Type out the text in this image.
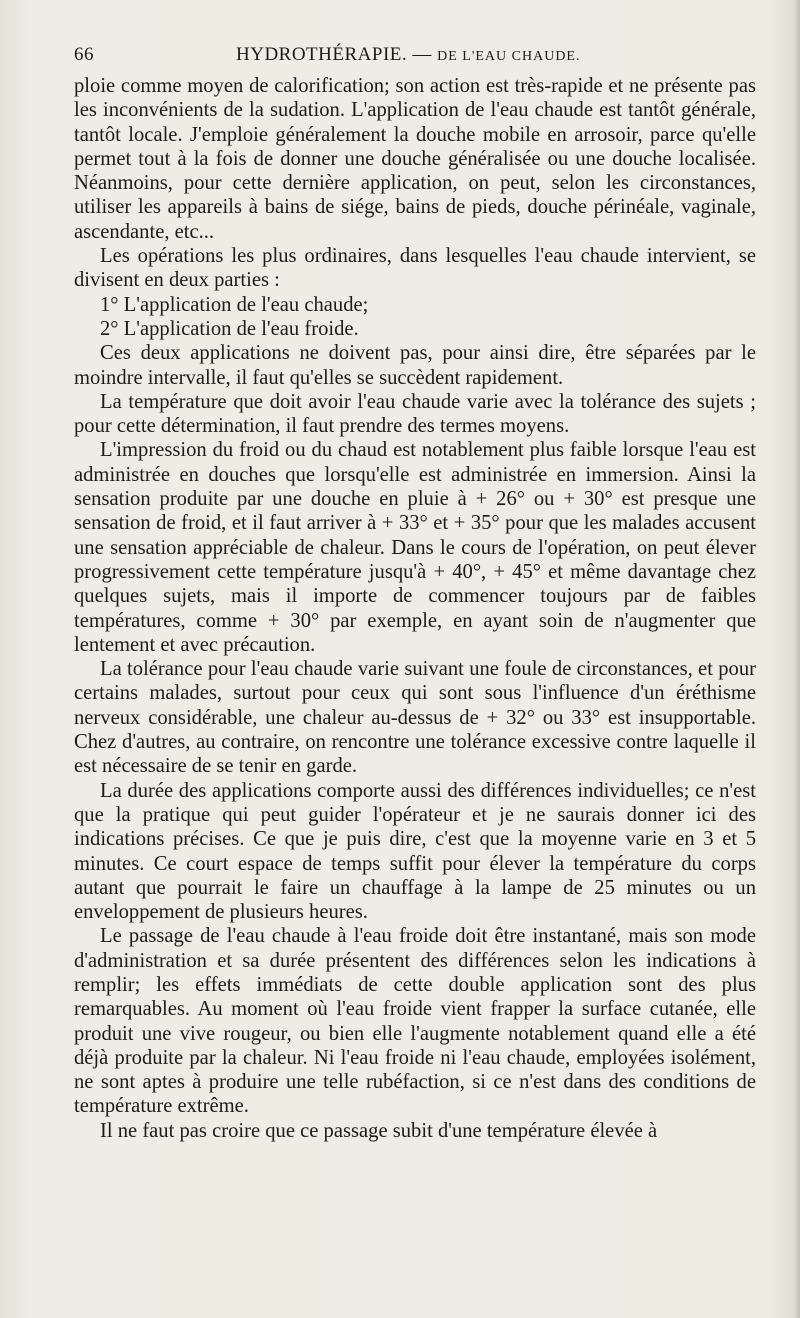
66	HYDROTHÉRAPIE. — DE L'EAU CHAUDE.

ploie comme moyen de calorification; son action est très-rapide et ne présente pas les inconvénients de la sudation. L'application de l'eau chaude est tantôt générale, tantôt locale. J'emploie généralement la douche mobile en arrosoir, parce qu'elle permet tout à la fois de donner une douche généralisée ou une douche localisée. Néanmoins, pour cette dernière application, on peut, selon les circonstances, utiliser les appareils à bains de siége, bains de pieds, douche périnéale, vaginale, ascendante, etc...

Les opérations les plus ordinaires, dans lesquelles l'eau chaude intervient, se divisent en deux parties :

1° L'application de l'eau chaude;

2° L'application de l'eau froide.

Ces deux applications ne doivent pas, pour ainsi dire, être séparées par le moindre intervalle, il faut qu'elles se succèdent rapidement.

La température que doit avoir l'eau chaude varie avec la tolérance des sujets ; pour cette détermination, il faut prendre des termes moyens.

L'impression du froid ou du chaud est notablement plus faible lorsque l'eau est administrée en douches que lorsqu'elle est administrée en immersion. Ainsi la sensation produite par une douche en pluie à + 26° ou + 30° est presque une sensation de froid, et il faut arriver à + 33° et + 35° pour que les malades accusent une sensation appréciable de chaleur. Dans le cours de l'opération, on peut élever progressivement cette température jusqu'à + 40°, + 45° et même davantage chez quelques sujets, mais il importe de commencer toujours par de faibles températures, comme + 30° par exemple, en ayant soin de n'augmenter que lentement et avec précaution.

La tolérance pour l'eau chaude varie suivant une foule de circonstances, et pour certains malades, surtout pour ceux qui sont sous l'influence d'un éréthisme nerveux considérable, une chaleur au-dessus de + 32° ou 33° est insupportable. Chez d'autres, au contraire, on rencontre une tolérance excessive contre laquelle il est nécessaire de se tenir en garde.

La durée des applications comporte aussi des différences individuelles; ce n'est que la pratique qui peut guider l'opérateur et je ne saurais donner ici des indications précises. Ce que je puis dire, c'est que la moyenne varie en 3 et 5 minutes. Ce court espace de temps suffit pour élever la température du corps autant que pourrait le faire un chauffage à la lampe de 25 minutes ou un enveloppement de plusieurs heures.

Le passage de l'eau chaude à l'eau froide doit être instantané, mais son mode d'administration et sa durée présentent des différences selon les indications à remplir; les effets immédiats de cette double application sont des plus remarquables. Au moment où l'eau froide vient frapper la surface cutanée, elle produit une vive rougeur, ou bien elle l'augmente notablement quand elle a été déjà produite par la chaleur. Ni l'eau froide ni l'eau chaude, employées isolément, ne sont aptes à produire une telle rubéfaction, si ce n'est dans des conditions de température extrême.

Il ne faut pas croire que ce passage subit d'une température élevée à
